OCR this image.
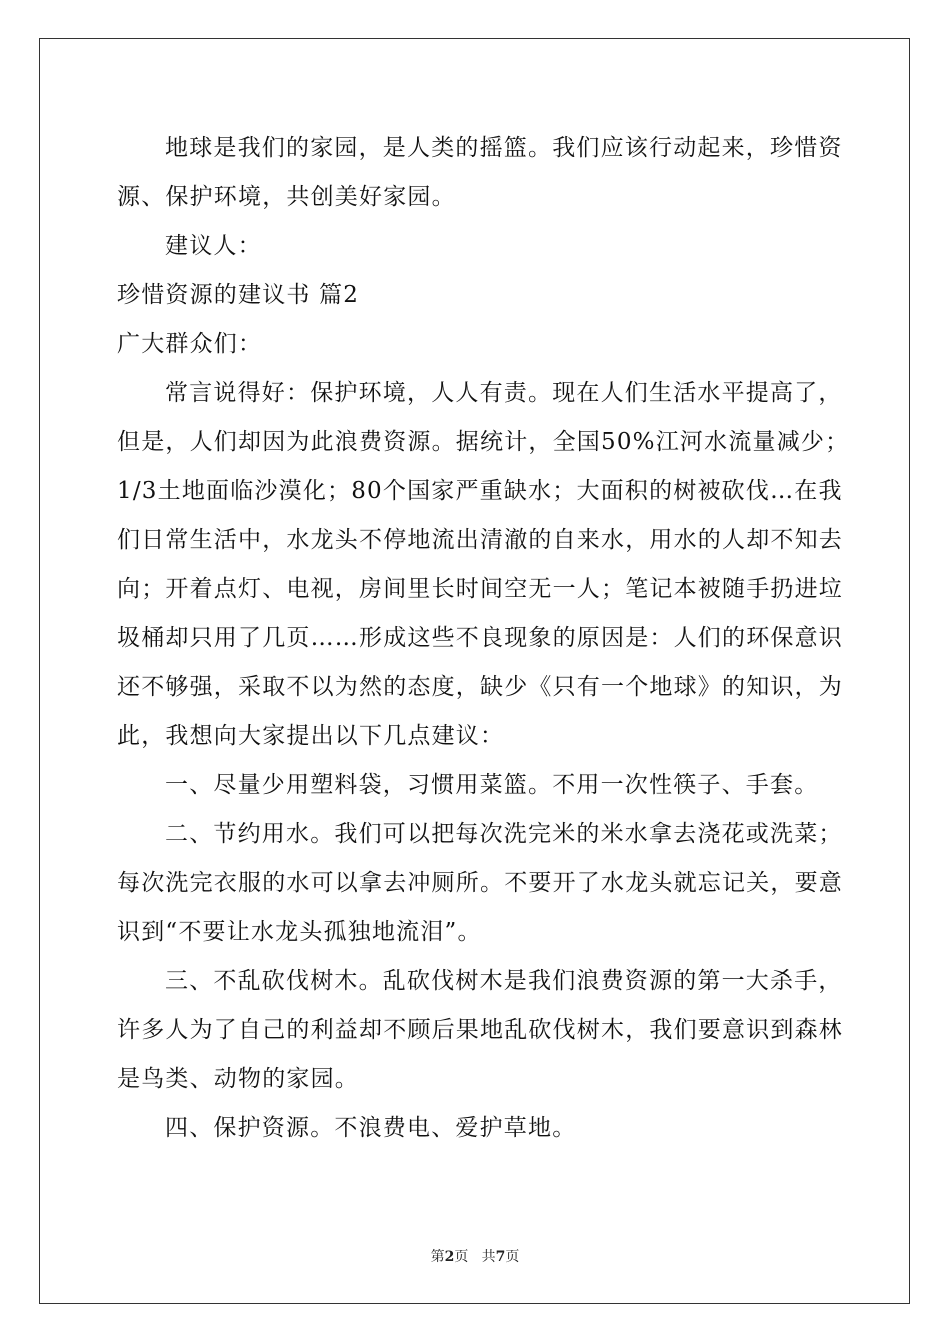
地球是我们的家园，是人类的摇篮。我们应该行动起来，珍惜资源、保护环境，共创美好家园。

建议人：

珍惜资源的建议书 篇2

广大群众们：

常言说得好：保护环境，人人有责。现在人们生活水平提高了，但是，人们却因为此浪费资源。据统计，全国50%江河水流量减少；1/3土地面临沙漠化；80个国家严重缺水；大面积的树被砍伐…在我们日常生活中，水龙头不停地流出清澈的自来水，用水的人却不知去向；开着点灯、电视，房间里长时间空无一人；笔记本被随手扔进垃圾桶却只用了几页……形成这些不良现象的原因是：人们的环保意识还不够强，采取不以为然的态度，缺少《只有一个地球》的知识，为此，我想向大家提出以下几点建议：

一、尽量少用塑料袋，习惯用菜篮。不用一次性筷子、手套。

二、节约用水。我们可以把每次洗完米的米水拿去浇花或洗菜；每次洗完衣服的水可以拿去冲厕所。不要开了水龙头就忘记关，要意识到“不要让水龙头孤独地流泪”。

三、不乱砍伐树木。乱砍伐树木是我们浪费资源的第一大杀手，许多人为了自己的利益却不顾后果地乱砍伐树木，我们要意识到森林是鸟类、动物的家园。

四、保护资源。不浪费电、爱护草地。

第2页 共7页
